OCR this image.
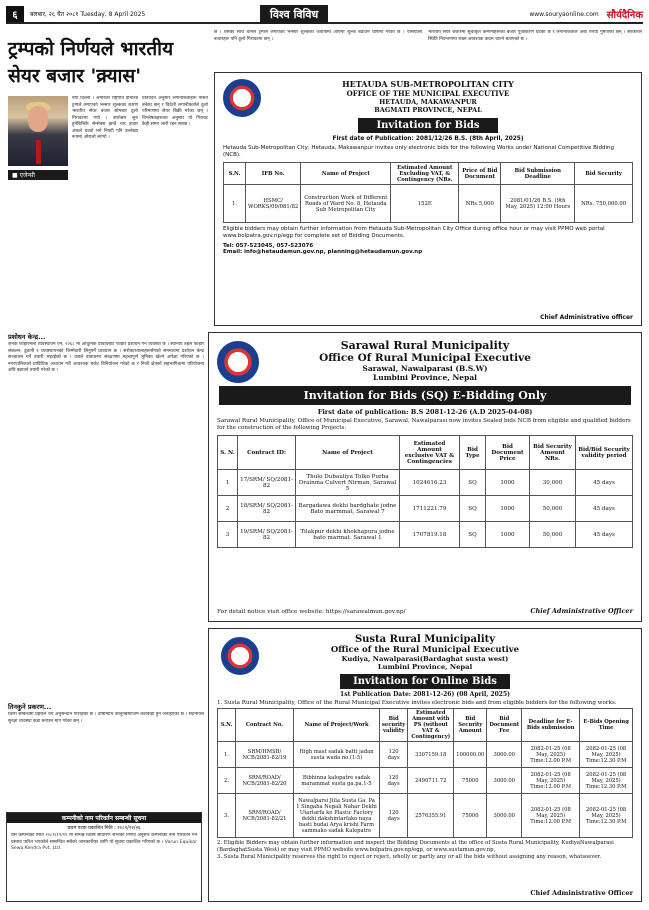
६	बलबार, २६ चैत २०८१ Tuesday, 8 April 2025	विश्व विविध	www.souryaonline.com सौर्यदैनिक
ट्रम्पको निर्णयले भारतीय सेयर बजार 'क्र्यास'
■ एजेन्सी
नयाँ दिल्ली । अमेरिकी राष्ट्रपति डोनाल्ड ट्रम्पले लगाएको भन्सार शुल्कका कारण भारतीय सेयर बजार सोमबार ठूलो गिरावटमा गयो । कारोबार सुरु हुनेबित्तिकै सेन्सेक्स झन्डै चार हजार अंकले घट्यो भने निफ्टी पनि उल्लेख्य रूपमा ओरालो लाग्यो ।
प्रतिवेदन अनुसार लगानीकर्ताहरू त्रसित बनेका छन् र विदेशी लगानीकर्ताले ठूलो परिमाणमा सेयर बिक्री गरेका छन् । विश्लेषकहरूका अनुसार यो गिरावट केही समय जारी रहन सक्छ ।
छ । यसका साथै चीनले ट्रम्पले लगाएको भन्सार शुल्कको जवाफमा आफ्नो शुल्क बढाउने घोषणा गरेको छ । एसियाली बजारहरू पनि ठूलो गिरावटमा छन् ।
भारतीय सेयर बजारमा सूचीकृत कम्पनीहरूको बजार पुँजीकरण घटेको छ र लगानीकर्ताले अर्बौं रुपैयाँ गुमाएका छन् । सरकारले स्थिति नियन्त्रणमा राख्न आवश्यक कदम चाल्ने बताएको छ ।
HETAUDA SUB-METROPOLITAN CITY
OFFICE OF THE MUNICIPAL EXECUTIVE
HETAUDA, MAKAWANPUR
BAGMATI PROVINCE, NEPAL
Invitation for Bids
First date of Publication: 2081/12/26 B.S. (8th April, 2025)
Hetauda Sub-Metropolitan City, Hetauda, Makawanpur invites only electronic bids for the following Works under National Competitive Bidding (NCB).
S.N.	IFB No.	Name of Project	Estimated Amount Excluding VAT, & Contingency (NRs.	Price of Bid Document	Bid Submission Deadline	Bid Security
1.	HSMC/ WORKS/09/081/82	Construction Work of Different Roads of Ward No. 8, Hetauda Sub Metropolitan City	152E	NRs.5,000	2081/01/26 B.S. (9th May, 2025) 12:00 Hours	NRs. 750,000.00
Eligible bidders may obtain further information from Hetauda Sub-Metropolitan City Office during office hour or may visit PPMO web portal www.bolpatra.gov.np/egp for complete set of Bidding Documents.
Tel: 057-523045, 057-523076
Email: info@hetaudamun.gov.np, planning@hetaudamun.gov.np
Chief Administrative officer
प्रशोधन केन्द्र...
जनक फोहोरमैला व्यवस्थापन ऐन, २०६८ मा आधुनिक प्रविधिबाट फोहोर प्रशोधन गर्ने व्यवस्था छ । स्थानीय तहले फोहोर संकलन, ढुवानी र व्यवस्थापनको जिम्मेवारी लिनुपर्ने प्रावधान छ । सरोकारवालाहरूसँगको समन्वयमा प्रशोधन केन्द्र सञ्चालन गर्ने तयारी भइरहेको छ । यसले वातावरण संरक्षणमा महत्त्वपूर्ण भूमिका खेल्ने अपेक्षा गरिएको छ । नगरपालिकाले प्राविधिक अध्ययन गरी आवश्यक बजेट विनियोजन गरेको छ र निजी क्षेत्रको सहभागितामा परियोजना अघि बढाउने तयारी गरेको छ ।
तिनकुने प्रकरण...
घटना सम्बन्धमा प्रहरीले थप अनुसन्धान गरिरहेको छ । दोषीमाथि कानुनबमोजिम कारबाही हुने जनाइएको छ । स्थानीयले सुरक्षा व्यवस्था कडा बनाउन माग गरेका छन् ।
कम्पनीको नाम परिवर्तन सम्बन्धी सूचना
प्रथम पटक प्रकाशित मिति : २०८१/१२/२६
यस कम्पनीको मिति २०८१/१२/१२ मा सम्पन्न विशेष साधारण सभाको निर्णय अनुसार कम्पनीको नाम परिवर्तन गर्ने प्रस्ताव पारित भएकोले सम्बन्धित सबैको जानकारीका लागि यो सूचना प्रकाशित गरिएको छ । Varun Equikar Sewa Kendra Pvt. Ltd.
Sarawal Rural Municipality
Office Of Rural Municipal Executive
Sarawal, Nawalparasi (B.S.W)
Lumbini Province, Nepal
Invitation for Bids (SQ) E-Bidding Only
First date of publication: B.S 2081-12-26 (A.D 2025-04-08)
Sarawal Rural Municipality, Office of Municipal Executive, Sarawal, Nawalparasi now invites Sealed bids NCB from eligible and qualified bidders for the construction of the following Projects.
S. N.	Contract ID:	Name of Project	Estimated Amount exclusive VAT & Contingencies	Bid Type	Bid Document Price	Bid Security Amount NRs.	Bid/Bid Security validity period
1	17/SRM/ SQ/2081-82	Thulo Dubauliya Tolko Purba Drainma Culvert Nirman, Sarawal 5	1024616.23	SQ	1000	30,000	45 days
2	18/SRM/ SQ/2081-82	Bargadawa dekhi bardghate jodne Bato marmmat, Sarawal 7	1711221.79	SQ	1000	50,000	45 days
3	19/SRM/ SQ/2081-82	Tilakpur dekhi khokhapura jodne bato marmat. Sarawal 1	1707819.18	SQ	1000	50,000	45 days
For detail notice visit office website: https://sarawalmun.gov.np/	Chief Administrative Officer
Susta Rural Municipality
Office of the Rural Municipal Executive
Kudiya, Nawalparasi(Bardaghat susta west)
Lumbini Province, Nepal
Invitation for Online Bids
1st Publication Date: 2081-12-26) (08 April, 2025)
1. Susta Rural Municipality, Office of the Rural Municipal Executive invites electronic bids and from eligible bidders for the following works.
S.N.	Contract No.	Name of Project/Work	Bid security validity	Estimated Amount with PS (without VAT & Contingency)	Bid Security Amount	Bid Document Fee	Deadline for E-Bids submission	E-Bids Opening Time
1.	SRM/HMSB/ NCB/2081-82/19	High mast sadak batti jadan susta wada no.(1-5)	120 days	3307159.18	100000.00	3000.00	2082-01-25 (08 May, 2025) Time:12.00 P.M	2082-01-25 (08 May, 2025) Time:12.30 P.M
2.	SRM/ROAD/ NCB/2081-82/20	Bibhinna kalopatre sadak marammat susta ga.pa.1-5	120 days	2490711.72	75000	3000.00	2082-01-25 (08 May, 2025) Time:12.00 P.M	2082-01-25 (08 May, 2025) Time:12.30 P.M
3.	SRM/ROAD/ NCB/2081-82/21	Nawalparsi Jilla Susta Ga. Pa 1 Singaha Nepali Nahar Dekhi Utartarfa ko Plastic Factory dekhi dakshintarfako naya basti budai Arya krishi Farm sammako sadak Kalopatre	120 days	2576355.91	75000	3000.00	2082-01-25 (08 May, 2025) Time:12.00 P.M	2082-01-25 (08 May, 2025) Time:12.30 P.M
2. Eligible Bidders may obtain further information and inspect the Bidding Documents at the office of Susta Rural Municipality, KudiyaNawalparasi (BardaghatSusta West) or may visit PPMO website www.bolpatra.gov.np/egp, or www.sustamun.gov.np,
3. Susta Rural Municipality reserves the right to reject or reject, wholly or partly any or all the bids without assigning any reason, whatsoever.
Chief Administrative Officer
